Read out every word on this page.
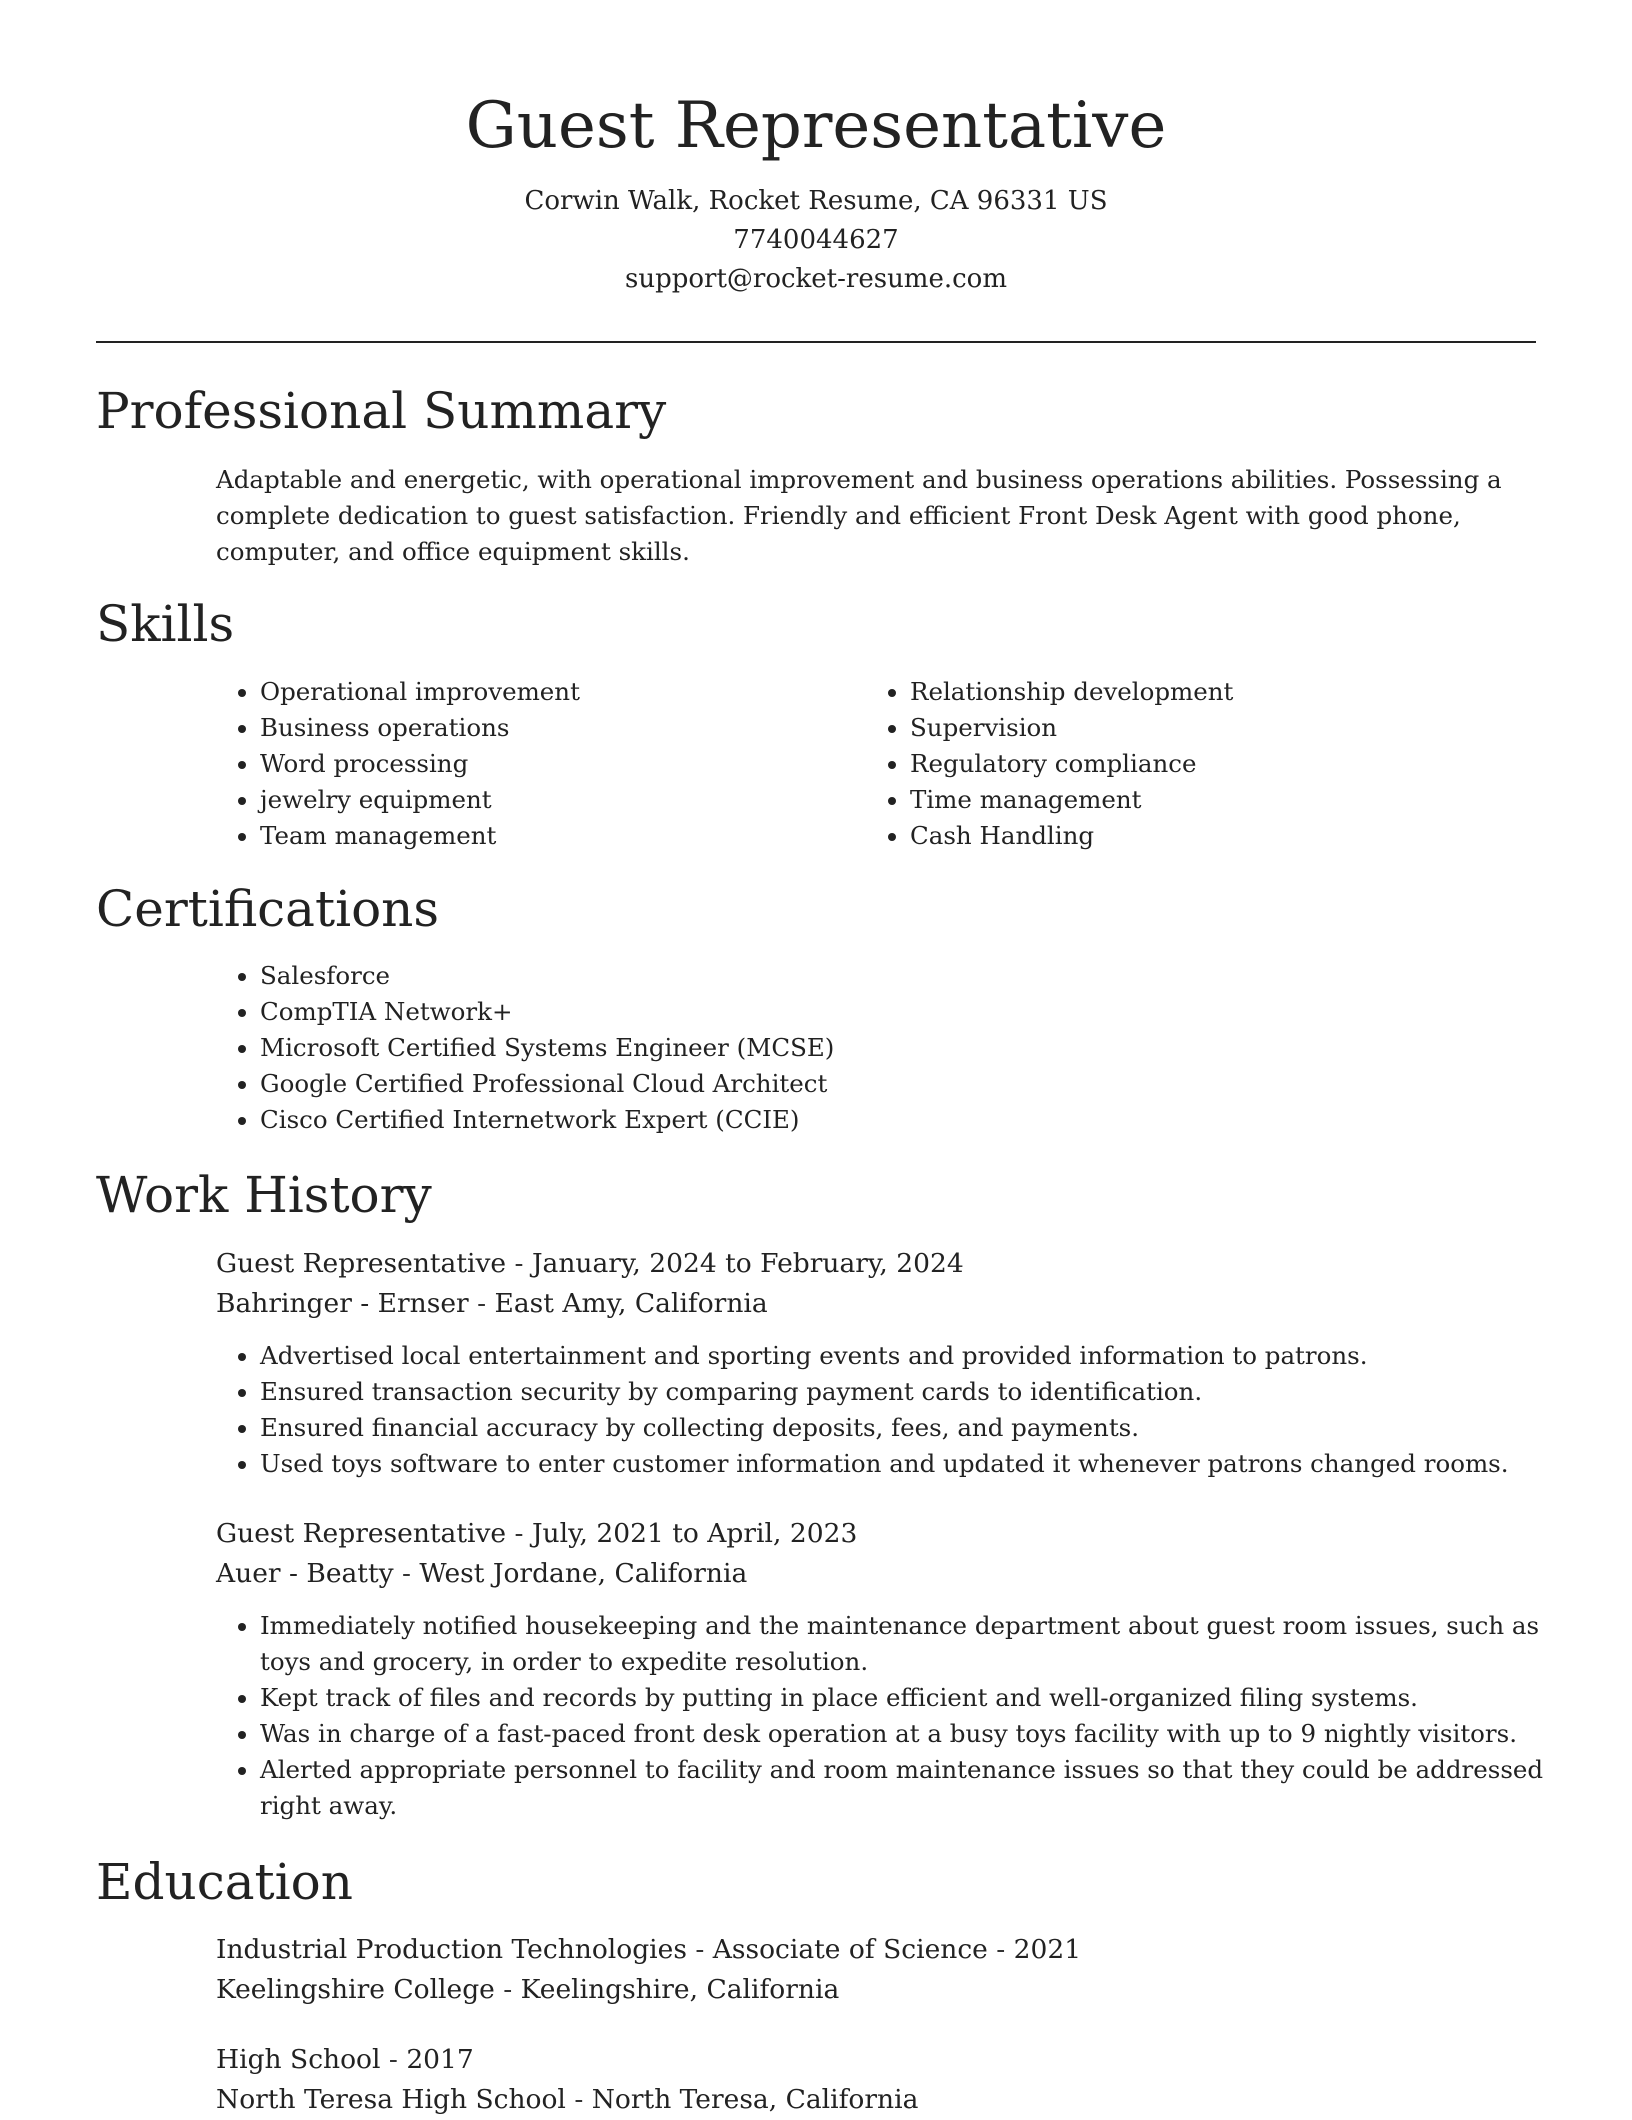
Guest Representative
Corwin Walk, Rocket Resume, CA 96331 US
7740044627
support@rocket-resume.com
Professional Summary
Adaptable and energetic, with operational improvement and business operations abilities. Possessing a complete dedication to guest satisfaction. Friendly and efficient Front Desk Agent with good phone, computer, and office equipment skills.
Skills
• Operational improvement
• Business operations
• Word processing
• jewelry equipment
• Team management
• Relationship development
• Supervision
• Regulatory compliance
• Time management
• Cash Handling
Certifications
• Salesforce
• CompTIA Network+
• Microsoft Certified Systems Engineer (MCSE)
• Google Certified Professional Cloud Architect
• Cisco Certified Internetwork Expert (CCIE)
Work History
Guest Representative - January, 2024 to February, 2024
Bahringer - Ernser - East Amy, California
• Advertised local entertainment and sporting events and provided information to patrons.
• Ensured transaction security by comparing payment cards to identification.
• Ensured financial accuracy by collecting deposits, fees, and payments.
• Used toys software to enter customer information and updated it whenever patrons changed rooms.
Guest Representative - July, 2021 to April, 2023
Auer - Beatty - West Jordane, California
• Immediately notified housekeeping and the maintenance department about guest room issues, such as toys and grocery, in order to expedite resolution.
• Kept track of files and records by putting in place efficient and well-organized filing systems.
• Was in charge of a fast-paced front desk operation at a busy toys facility with up to 9 nightly visitors.
• Alerted appropriate personnel to facility and room maintenance issues so that they could be addressed right away.
Education
Industrial Production Technologies - Associate of Science - 2021
Keelingshire College - Keelingshire, California
High School - 2017
North Teresa High School - North Teresa, California
